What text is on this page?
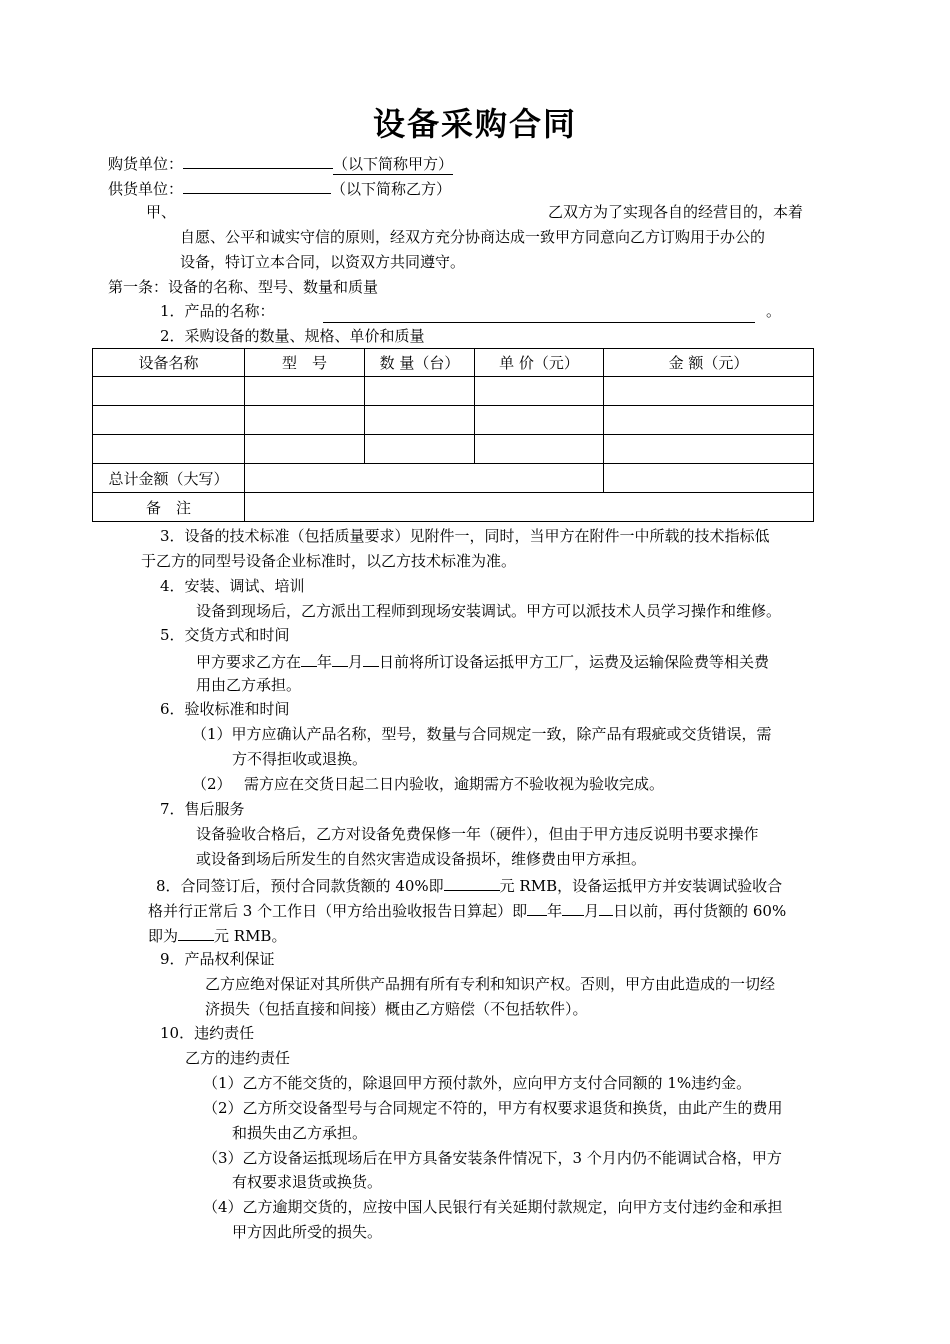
设备采购合同
购货单位：	（以下简称甲方）
供货单位：	（以下简称乙方）
甲、	乙双方为了实现各自的经营目的，本着
自愿、公平和诚实守信的原则，经双方充分协商达成一致甲方同意向乙方订购用于办公的
设备，特订立本合同，以资双方共同遵守。
第一条：设备的名称、型号、数量和质量
1．产品的名称：	。
2．采购设备的数量、规格、单价和质量
设备名称	型　号	数 量（台）	单 价（元）	金 额（元）

总计金额（大写）				
备　注				
3．设备的技术标准（包括质量要求）见附件一，同时，当甲方在附件一中所载的技术指标低
于乙方的同型号设备企业标准时，以乙方技术标准为准。
4．安装、调试、培训
设备到现场后，乙方派出工程师到现场安装调试。甲方可以派技术人员学习操作和维修。
5．交货方式和时间
甲方要求乙方在 年 月 日前将所订设备运抵甲方工厂，运费及运输保险费等相关费
用由乙方承担。
6．验收标准和时间
（1）甲方应确认产品名称，型号，数量与合同规定一致，除产品有瑕疵或交货错误，需
方不得拒收或退换。
（2） 需方应在交货日起二日内验收，逾期需方不验收视为验收完成。
7．售后服务
设备验收合格后，乙方对设备免费保修一年（硬件），但由于甲方违反说明书要求操作
或设备到场后所发生的自然灾害造成设备损坏，维修费由甲方承担。
8．合同签订后，预付合同款货额的 40%即	元 RMB，设备运抵甲方并安装调试验收合
格并行正常后 3 个工作日（甲方给出验收报告日算起）即 年 月 日以前，再付货额的 60%
即为 元 RMB。
9．产品权利保证
乙方应绝对保证对其所供产品拥有所有专利和知识产权。否则，甲方由此造成的一切经
济损失（包括直接和间接）概由乙方赔偿（不包括软件）。
10．违约责任
乙方的违约责任
（1）乙方不能交货的，除退回甲方预付款外，应向甲方支付合同额的 1%违约金。
（2）乙方所交设备型号与合同规定不符的，甲方有权要求退货和换货，由此产生的费用
和损失由乙方承担。
（3）乙方设备运抵现场后在甲方具备安装条件情况下，3 个月内仍不能调试合格，甲方
有权要求退货或换货。
（4）乙方逾期交货的，应按中国人民银行有关延期付款规定，向甲方支付违约金和承担
甲方因此所受的损失。
